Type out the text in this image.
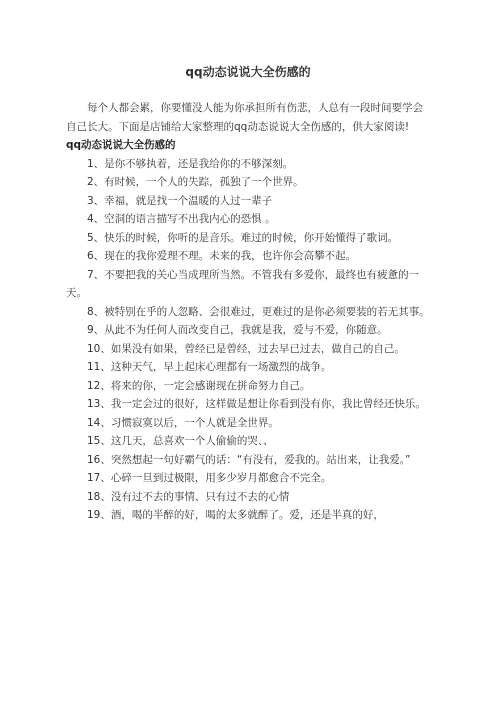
qq动态说说大全伤感的

每个人都会累，你要懂没人能为你承担所有伤悲，人总有一段时间要学会自己长大。下面是店铺给大家整理的qq动态说说大全伤感的，供大家阅读!

qq动态说说大全伤感的

1、是你不够执着，还是我给你的不够深刻。

2、有时候，一个人的失踪，孤独了一个世界。

3、幸福，就是找一个温暖的人过一辈子

4、空洞的语言描写不出我内心的恐惧 。

5、快乐的时候，你听的是音乐。难过的时候，你开始懂得了歌词。

6、现在的我你爱理不理。未来的我，也许你会高攀不起。

7、不要把我的关心当成理所当然。不管我有多爱你，最终也有疲惫的一天。

8、被特别在乎的人忽略、会很难过，更难过的是你必须要装的若无其事。

9、从此不为任何人而改变自己，我就是我，爱与不爱，你随意。

10、如果没有如果，曾经已是曾经，过去早已过去，做自己的自己。

11、这种天气，早上起床心理都有一场激烈的战争。

12、将来的你，一定会感谢现在拼命努力自己。

13、我一定会过的很好，这样做是想让你看到没有你，我比曾经还快乐。

14、习惯寂寞以后，一个人就是全世界。

15、这几天，总喜欢一个人偷偷的哭、、

16、突然想起一句好霸气的话：“有没有，爱我的。站出来，让我爱。”

17、心碎一旦到过极限，用多少岁月都愈合不完全。

18、没有过不去的事情、只有过不去的心情

19、酒，喝的半醉的好，喝的太多就醉了。爱，还是半真的好，
